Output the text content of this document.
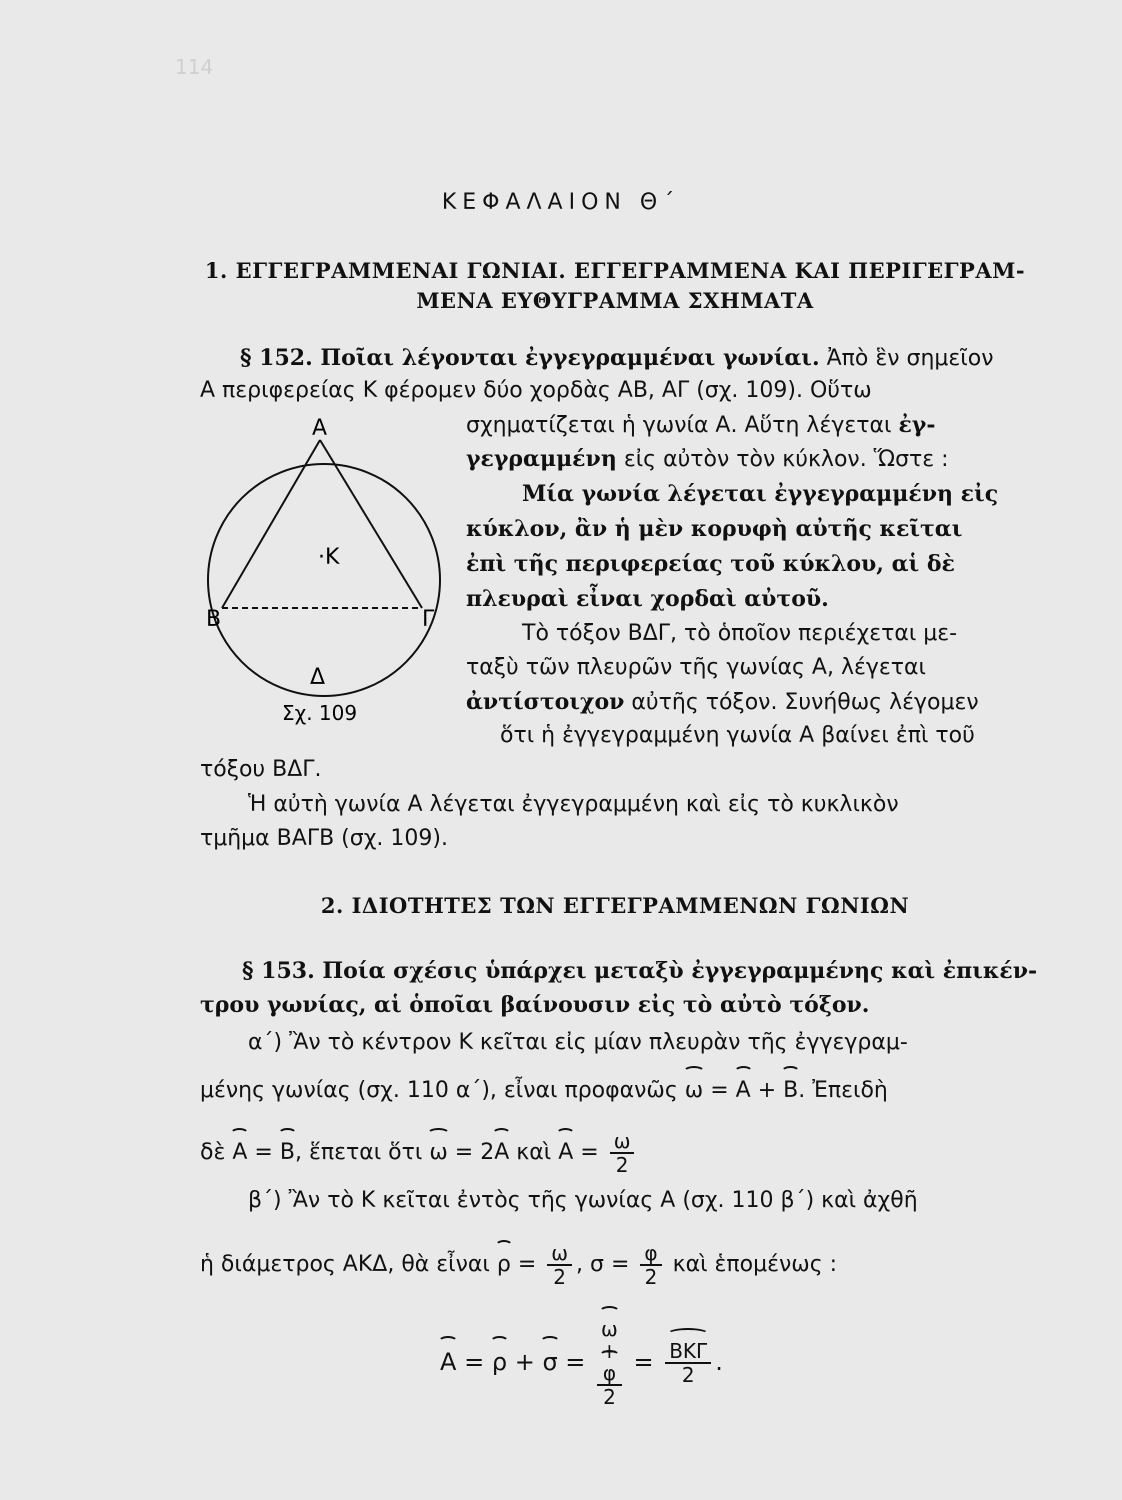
114
ΚΕΦΑΛΑΙΟΝ Θ΄
1. ΕΓΓΕΓΡΑΜΜΕΝΑΙ ΓΩΝΙΑΙ. ΕΓΓΕΓΡΑΜΜΕΝΑ ΚΑΙ ΠΕΡΙΓΕΓΡΑΜ-
ΜΕΝΑ ΕΥΘΥΓΡΑΜΜΑ ΣΧΗΜΑΤΑ
§ 152. Ποῖαι λέγονται ἐγγεγραμμέναι γωνίαι. Ἀπὸ ἓν σημεῖον
Α περιφερείας Κ φέρομεν δύο χορδὰς ΑΒ, ΑΓ (σχ. 109). Οὕτω
σχηματίζεται ἡ γωνία Α. Αὕτη λέγεται ἐγ-
γεγραμμένη εἰς αὐτὸν τὸν κύκλον. Ὥστε :
Μία γωνία λέγεται ἐγγεγραμμένη εἰς
κύκλον, ἂν ἡ μὲν κορυφὴ αὐτῆς κεῖται
ἐπὶ τῆς περιφερείας τοῦ κύκλου, αἱ δὲ
πλευραὶ εἶναι χορδαὶ αὐτοῦ.
Τὸ τόξον ΒΔΓ, τὸ ὁποῖον περιέχεται με-
ταξὺ τῶν πλευρῶν τῆς γωνίας Α, λέγεται
ἀντίστοιχον αὐτῆς τόξον. Συνήθως λέγομεν
ὅτι ἡ ἐγγεγραμμένη γωνία Α βαίνει ἐπὶ τοῦ
τόξου ΒΔΓ.
Ἡ αὐτὴ γωνία Α λέγεται ἐγγεγραμμένη καὶ εἰς τὸ κυκλικὸν
τμῆμα ΒΑΓΒ (σχ. 109).
Α
Β	Γ
Δ
·Κ
Σχ. 109
2. ΙΔΙΟΤΗΤΕΣ ΤΩΝ ΕΓΓΕΓΡΑΜΜΕΝΩΝ ΓΩΝΙΩΝ
§ 153. Ποία σχέσις ὑπάρχει μεταξὺ ἐγγεγραμμένης καὶ ἐπικέν-
τρου γωνίας, αἱ ὁποῖαι βαίνουσιν εἰς τὸ αὐτὸ τόξον.
α΄) Ἂν τὸ κέντρον Κ κεῖται εἰς μίαν πλευρὰν τῆς ἐγγεγραμ-
μένης γωνίας (σχ. 110 α΄), εἶναι προφανῶς ω = Α + Β. Ἐπειδὴ
δὲ Α = Β, ἕπεται ὅτι ω = 2Α καὶ $A = \frac{\omega}{2}$
β΄) Ἂν τὸ Κ κεῖται ἐντὸς τῆς γωνίας Α (σχ. 110 β΄) καὶ ἀχθῆ
ἡ διάμετρος ΑΚΔ, θὰ εἶναι $\rho = \frac{\omega}{2}$ , $\sigma = \frac{\varphi}{2}$ καὶ ἑπομένως :
Α = ρ + σ = ω
+
φ
$2 = \frac{\text{ΒΚΓ}}{2}$ .
